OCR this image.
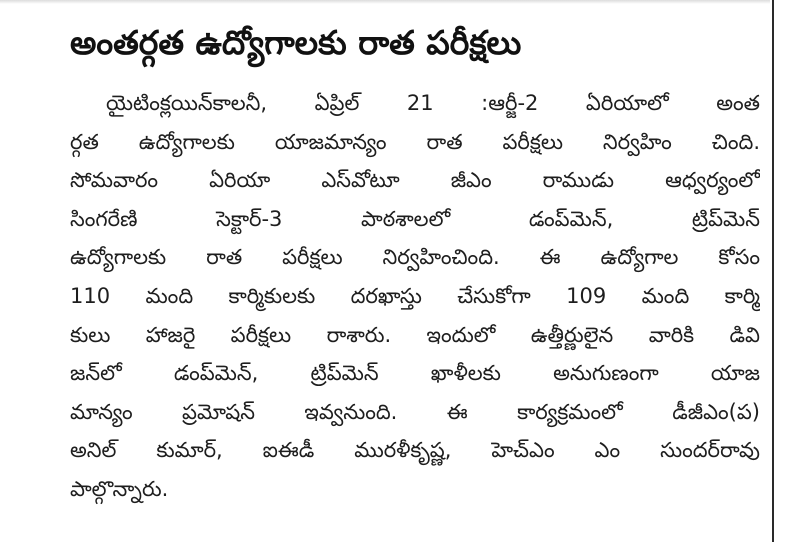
అంతర్గత ఉద్యోగాలకు రాత పరీక్షలు
యైటింక్లయిన్‌కాలనీ, ఏప్రిల్ 21 :ఆర్జీ-2 ఏరియాలో అంత
ర్గత ఉద్యోగాలకు యాజమాన్యం రాత పరీక్షలు నిర్వహిం చింది.
సోమవారం ఏరియా ఎస్‌వోటూ జీఎం రాముడు ఆధ్వర్యంలో
సింగరేణి సెక్టార్-3 పాఠశాలలో డంప్‌మెన్, ట్రిప్‌మెన్
ఉద్యోగాలకు రాత పరీక్షలు నిర్వహించింది. ఈ ఉద్యోగాల కోసం
110 మంది కార్మికులకు దరఖాస్తు చేసుకోగా 109 మంది కార్మి
కులు హాజరై పరీక్షలు రాశారు. ఇందులో ఉత్తీర్ణులైన వారికి డివి
జన్‌లో డంప్‌మెన్, ట్రిప్‌మెన్ ఖాళీలకు అనుగుణంగా యాజ
మాన్యం ప్రమోషన్ ఇవ్వనుంది. ఈ కార్యక్రమంలో డీజీఎం(ప)
అనిల్ కుమార్, ఐఈడీ మురళీకృష్ణ, హెచ్‌ఎం ఎం సుందర్‌రావు
పాల్గొన్నారు.
